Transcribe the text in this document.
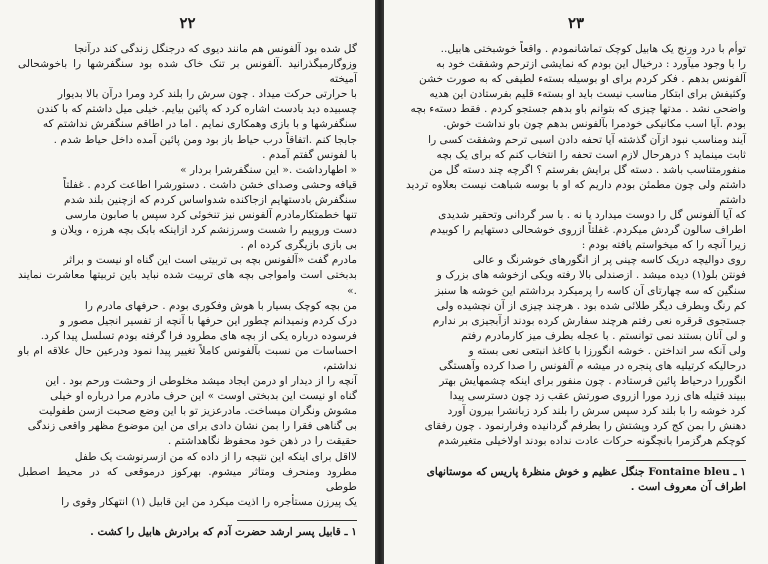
٢٢

گل شده بود آلفونس هم مانند دیوی که درجنگل زندگی کند درآنجا

وزوگارمیگذرانید .آلفونس بر تنک خاک شده بود سنگفرشها را باخوشحالی آمیخته

با حرارتی حرکت میداد . چون سرش را بلند کرد ومرا درآن بالا بدیوار

چسبیده دید بادست اشاره کرد که پائین بیایم. خیلی میل داشتم که با کندن

سنگفرشها و با بازی وهمکاری نمایم . اما در اطاقم سنگفرش نداشتم که

جابجا کنم .اتفاقاً درب حیاط باز بود ومن پائین آمده داخل حیاط شدم .

با لفونس گفتم آمدم .

« اطهارداشت .« این سنگفرشرا بردار »

قیافه وحشی وصدای خشن داشت . دستورشرا اطاعت کردم . غفلتاً

سنگفرش بادستهایم ازجاکنده شدواساس کردم که ازچنین بلند شدم

تنها خطمتکارمادرم آلفونس نیز تنخوئی کرد سپس با صابون مارسی

دست وروییم را شست وسرزنشم کرد ازاینکه بابک بچه هرزه ، ویلان و

بی بازی بازیگری کرده ام .

مادرم گفت «آلفونس بچه بی تربیتی است این گناه او نیست و براثر

بدبختی است وامواجی بچه های تربیت شده نباید باین تربیتها معاشرت نمایند .»

من بچه کوچک بسیار با هوش وفکوری بودم . حرفهای مادرم را

درک کردم ونمیدانم چطور این حرفها با آنچه از تفسیر انجیل مصور و

فرسوده درباره یکی از بچه های مطرود فرا گرفته بودم تسلسل پیدا کرد.

احساسات من نسبت بآلفونس کاملاً تغییر پیدا نمود ودرعین حال علاقه ام باو نداشتم،

آنچه را از دیدار او درمن ایجاد میشد مخلوطی از وحشت ورحم بود . این

گناه او نیست این بدبختی اوست » این حرف مادرم مرا درباره او خیلی

مشوش ونگران میساخت. مادرعزیز تو با این وضع صحبت ازسن طفولیت

بی گناهی فقرا را بمن نشان دادی برای من این موضوع مظهر واقعی زندگی

حقیقت را در ذهن خود محفوظ نگاهداشتم .

لااقل برای اینکه این نتیجه را از داده که من ازسرنوشت یک طفل

مطرود ومنحرف ومتاثر میشوم. بهرکوز درموقعی که در محیط اصطبل طوطی

یک پیرزن مستأجره را اذیت میکرد من این قابیل (١) انتهکار وقوی را

١ ـ قابیل پسر ارشد حضرت آدم که برادرش هابیل را کشت .
٢٣

توأم با درد ورنج یک هابیل کوچک تماشانمودم . واقعاً خوشبختی هابیل..

را با وجود میآورد : درخیال این بودم که نمایشی ازترحم وشفقت خود به

آلفونس بدهم . فکر کردم برای او بوسیله بستهء لطیفی که به صورت خشن

وکثیفش برای ابتکار مناسب نیست باید او بستهء قلیم بفرستادن این هدیه

واضحی نشد . مدتها چیزی که بتوانم باو بدهم جستجو کردم . فقط دستهء بچه

بودم .آیا اسب مکانیکی خودمرا بآلفونس بدهم چون باو نداشت خوش.

آیند ومناسب نبود ازآن گذشته آیا تحفه دادن اسبی ترحم وشفقت کسی را

ثابت مینماید ؟ درهرحال لازم است تحفه را انتخاب کنم که برای یک بچه

منفورمتناسب باشد . دسته گل برایش بفرستم ؟ اگرچه چند دسته گل من

داشتم ولی چون مطمئن بودم داریم که او با بوسه شباهت نیست بعلاوه تردید داشتم

که آیا آلفونس گل را دوست میدارد یا نه . با سر گردانی وتحقیر شدیدی

اطراف سالون گردش میکردم. غفلتاً ازروی خوشحالی دستهایم را کوبیدم

زیرا آنچه را که میخواستم یافته بودم :

روی دوالیچه دریک کاسه چینی پر از انگورهای خوشرنگ و عالی

فونتن بلو(١) دیده میشد . ازصندلی بالا رفته ویکی ازخوشه های بزرک و

سنگین که سه چهارتای آن کاسه را پرمیکرد برداشتم این خوشه ها سنبز

کم رنگ وبطرف دیگر طلائی شده بود . هرچند چیزی از آن نچشیده ولی

جستجوی قرقره نعی رفتم هرچند سفارش کرده بودند ازآبجیزی بر ندارم

و لی آنان بستند نمی توانستم . با عجله بطرف میز کارمادرم رفتم

ولی آنکه سر انداختن . خوشه انگورزا با کاغذ انبتعی نعی بسته و

درحالیکه کرتیلیه های پنجره در میشه م آلفونس را صدا کرده وآهستگی

انگوررا درحیاط پائین فرستادم . چون منفور برای اینکه چشمهایش بهتر

ببیند قتیله های زرد مورا ازروی صورتش عقب زد چون دسترسی پیدا

کرد خوشه را با بلند کرد سپس سرش را بلند کرد زبانشرا بیرون آورد

دهنش را بمن کج کرد وپشتش را بطرفم گردانیده وفرارنمود . چون رفقای

کوچکم هرگزمرا بانچگونه حرکات عادت نداده بودند اولاخیلی متغیرشدم

١ ـ Fontaine bleu جنگل عظیم و خوش منظرهٔ پاریس که موستانهای اطراف آن معروف است .
